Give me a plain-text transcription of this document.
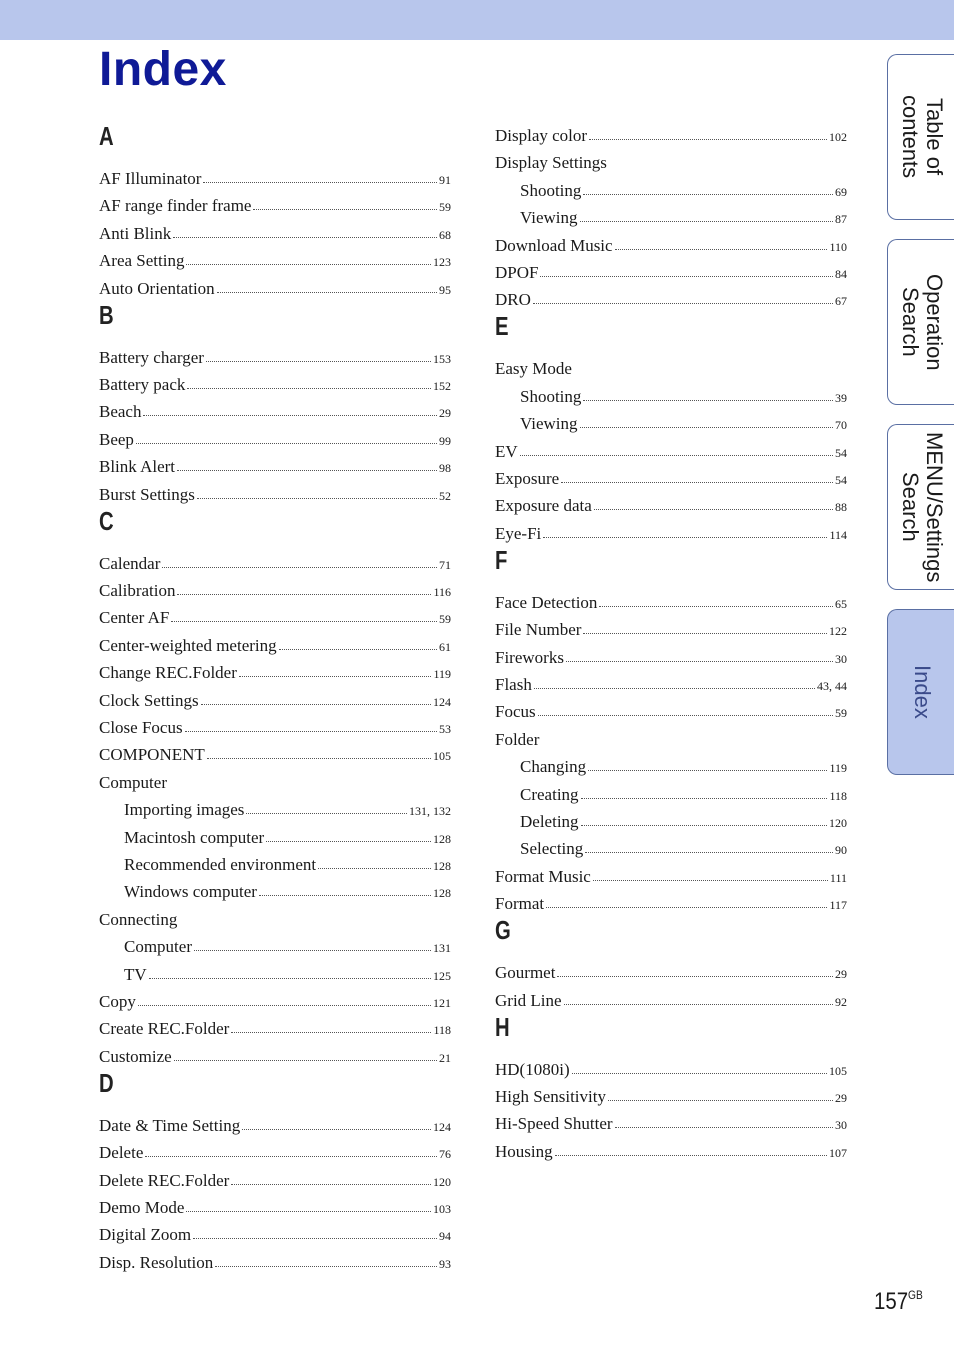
Index
A
AF Illuminator	91
AF range finder frame	59
Anti Blink	68
Area Setting	123
Auto Orientation	95
B
Battery charger	153
Battery pack	152
Beach	29
Beep	99
Blink Alert	98
Burst Settings	52
C
Calendar	71
Calibration	116
Center AF	59
Center-weighted metering	61
Change REC.Folder	119
Clock Settings	124
Close Focus	53
COMPONENT	105
Computer
Importing images	131, 132
Macintosh computer	128
Recommended environment	128
Windows computer	128
Connecting
Computer	131
TV	125
Copy	121
Create REC.Folder	118
Customize	21
D
Date & Time Setting	124
Delete	76
Delete REC.Folder	120
Demo Mode	103
Digital Zoom	94
Disp. Resolution	93
Display color	102
Display Settings
Shooting	69
Viewing	87
Download Music	110
DPOF	84
DRO	67
E
Easy Mode
Shooting	39
Viewing	70
EV	54
Exposure	54
Exposure data	88
Eye-Fi	114
F
Face Detection	65
File Number	122
Fireworks	30
Flash	43, 44
Focus	59
Folder
Changing	119
Creating	118
Deleting	120
Selecting	90
Format Music	111
Format	117
G
Gourmet	29
Grid Line	92
H
HD(1080i)	105
High Sensitivity	29
Hi-Speed Shutter	30
Housing	107
Table of
contents
Operation
Search
MENU/Settings
Search
Index
$157^{GB}$
